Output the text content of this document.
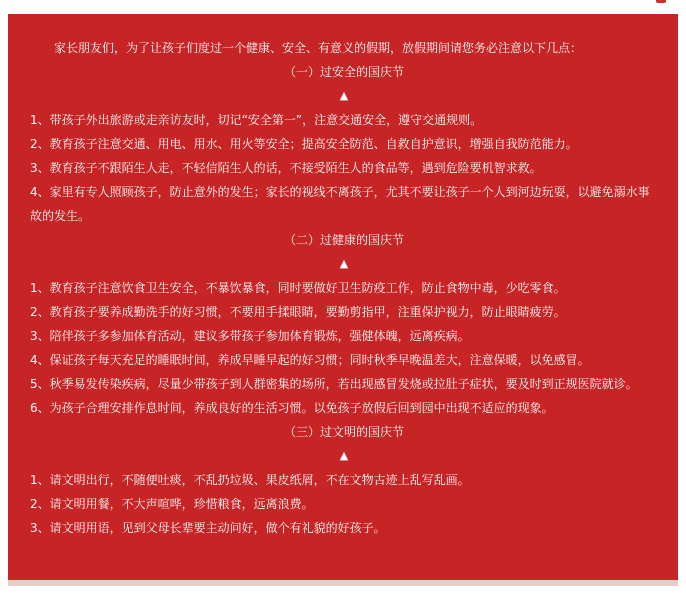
家长朋友们，为了让孩子们度过一个健康、安全、有意义的假期，放假期间请您务必注意以下几点：

（一）过安全的国庆节

▲

1、带孩子外出旅游或走亲访友时，切记“安全第一”，注意交通安全，遵守交通规则。

2、教育孩子注意交通、用电、用水、用火等安全；提高安全防范、自救自护意识，增强自我防范能力。

3、教育孩子不跟陌生人走，不轻信陌生人的话，不接受陌生人的食品等，遇到危险要机智求救。

4、家里有专人照顾孩子，防止意外的发生；家长的视线不离孩子，尤其不要让孩子一个人到河边玩耍，以避免溺水事故的发生。

（二）过健康的国庆节

▲

1、教育孩子注意饮食卫生安全，不暴饮暴食，同时要做好卫生防疫工作，防止食物中毒，少吃零食。

2、教育孩子要养成勤洗手的好习惯，不要用手揉眼睛，要勤剪指甲，注重保护视力，防止眼睛疲劳。

3、陪伴孩子多参加体育活动，建议多带孩子参加体育锻炼，强健体魄，远离疾病。

4、保证孩子每天充足的睡眠时间，养成早睡早起的好习惯；同时秋季早晚温差大，注意保暖，以免感冒。

5、秋季易发传染疾病，尽量少带孩子到人群密集的场所，若出现感冒发烧或拉肚子症状，要及时到正规医院就诊。

6、为孩子合理安排作息时间，养成良好的生活习惯。以免孩子放假后回到园中出现不适应的现象。

（三）过文明的国庆节

▲

1、请文明出行，不随便吐痰，不乱扔垃圾、果皮纸屑，不在文物古迹上乱写乱画。

2、请文明用餐，不大声喧哗，珍惜粮食，远离浪费。

3、请文明用语，见到父母长辈要主动问好，做个有礼貌的好孩子。
